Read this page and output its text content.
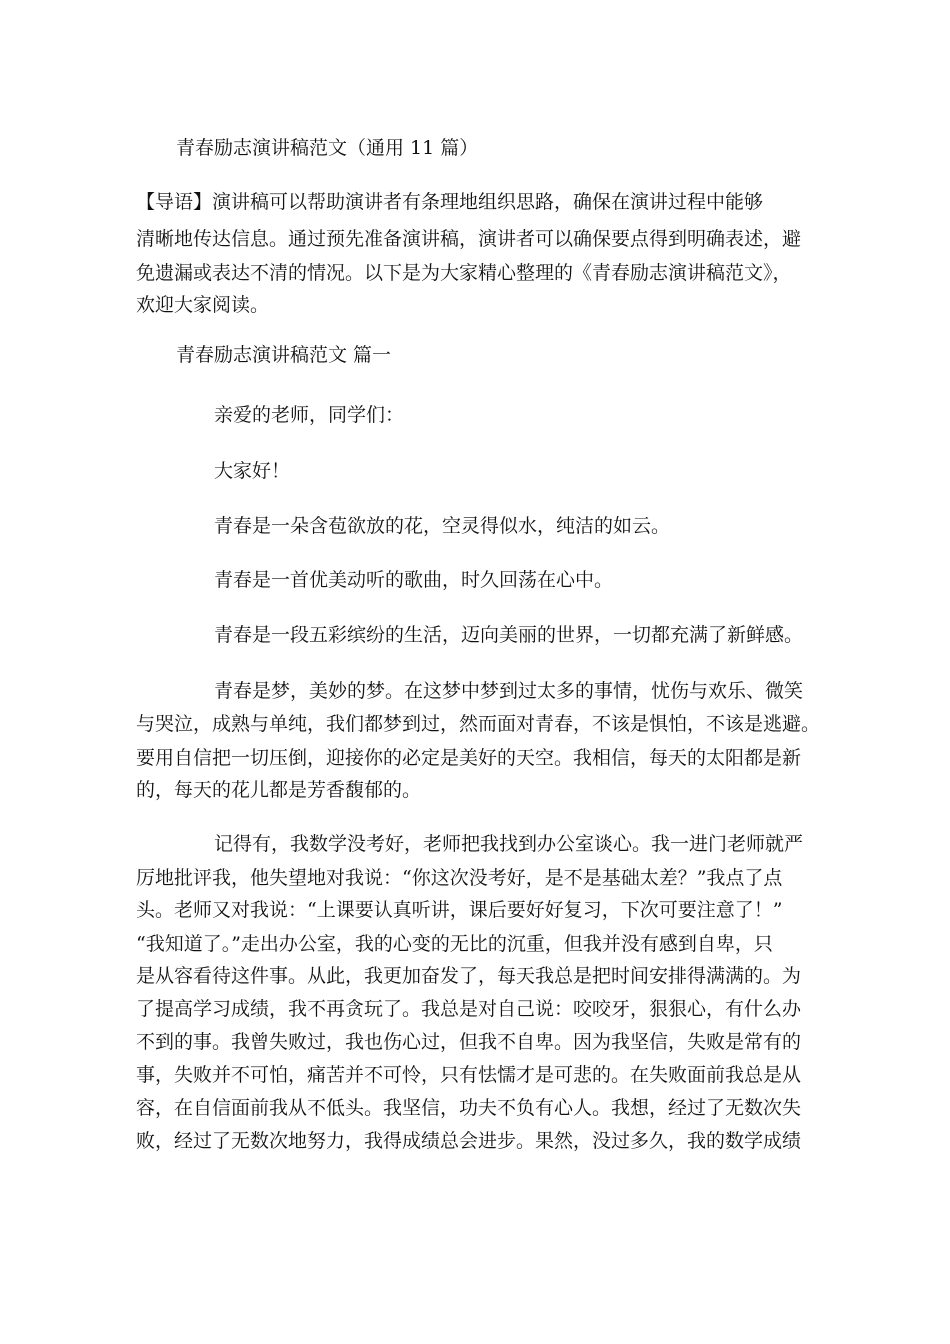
青春励志演讲稿范文（通用 11 篇）
【导语】演讲稿可以帮助演讲者有条理地组织思路，确保在演讲过程中能够
清晰地传达信息。通过预先准备演讲稿，演讲者可以确保要点得到明确表述，避
免遗漏或表达不清的情况。以下是为大家精心整理的《青春励志演讲稿范文》，
欢迎大家阅读。
青春励志演讲稿范文 篇一
亲爱的老师，同学们：
大家好！
青春是一朵含苞欲放的花，空灵得似水，纯洁的如云。
青春是一首优美动听的歌曲，时久回荡在心中。
青春是一段五彩缤纷的生活，迈向美丽的世界，一切都充满了新鲜感。
青春是梦，美妙的梦。在这梦中梦到过太多的事情，忧伤与欢乐、微笑
与哭泣，成熟与单纯，我们都梦到过，然而面对青春，不该是惧怕，不该是逃避。
要用自信把一切压倒，迎接你的必定是美好的天空。我相信，每天的太阳都是新
的，每天的花儿都是芳香馥郁的。
记得有，我数学没考好，老师把我找到办公室谈心。我一进门老师就严
厉地批评我，他失望地对我说：“你这次没考好，是不是基础太差？”我点了点
头。老师又对我说：“上课要认真听讲，课后要好好复习，下次可要注意了！”
“我知道了。”走出办公室，我的心变的无比的沉重，但我并没有感到自卑，只
是从容看待这件事。从此，我更加奋发了，每天我总是把时间安排得满满的。为
了提高学习成绩，我不再贪玩了。我总是对自己说：咬咬牙，狠狠心，有什么办
不到的事。我曾失败过，我也伤心过，但我不自卑。因为我坚信，失败是常有的
事，失败并不可怕，痛苦并不可怜，只有怯懦才是可悲的。在失败面前我总是从
容，在自信面前我从不低头。我坚信，功夫不负有心人。我想，经过了无数次失
败，经过了无数次地努力，我得成绩总会进步。果然，没过多久，我的数学成绩
